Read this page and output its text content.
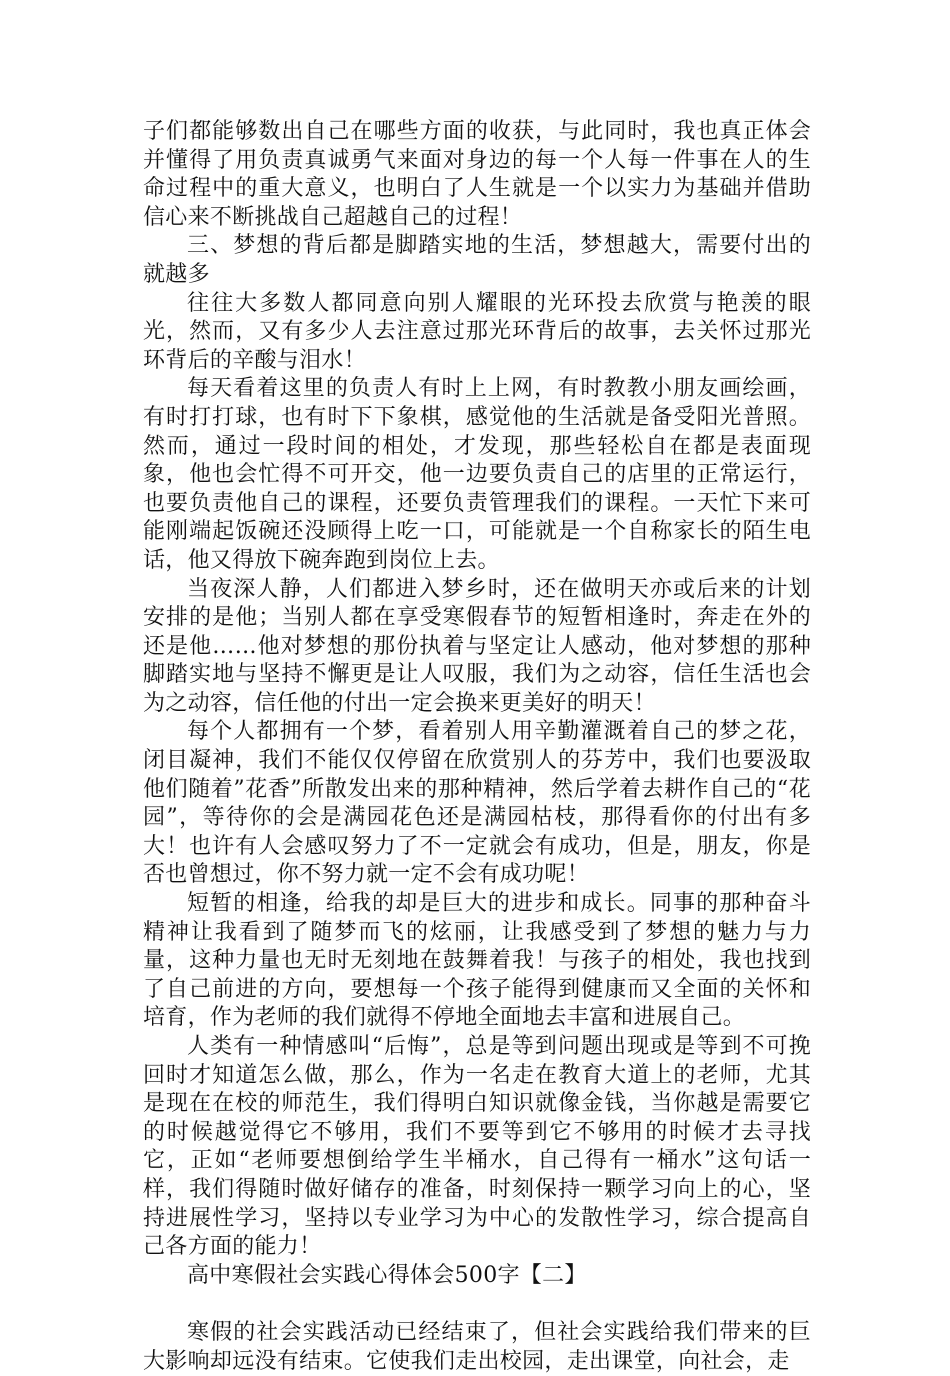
子们都能够数出自己在哪些方面的收获，与此同时，我也真正体会并懂得了用负责真诚勇气来面对身边的每一个人每一件事在人的生命过程中的重大意义，也明白了人生就是一个以实力为基础并借助信心来不断挑战自己超越自己的过程！

三、梦想的背后都是脚踏实地的生活，梦想越大，需要付出的就越多

往往大多数人都同意向别人耀眼的光环投去欣赏与艳羡的眼光，然而，又有多少人去注意过那光环背后的故事，去关怀过那光环背后的辛酸与泪水！

每天看着这里的负责人有时上上网，有时教教小朋友画绘画，有时打打球，也有时下下象棋，感觉他的生活就是备受阳光普照。然而，通过一段时间的相处，才发现，那些轻松自在都是表面现象，他也会忙得不可开交，他一边要负责自己的店里的正常运行，也要负责他自己的课程，还要负责管理我们的课程。一天忙下来可能刚端起饭碗还没顾得上吃一口，可能就是一个自称家长的陌生电话，他又得放下碗奔跑到岗位上去。

当夜深人静，人们都进入梦乡时，还在做明天亦或后来的计划安排的是他；当别人都在享受寒假春节的短暂相逢时，奔走在外的还是他……他对梦想的那份执着与坚定让人感动，他对梦想的那种脚踏实地与坚持不懈更是让人叹服，我们为之动容，信任生活也会为之动容，信任他的付出一定会换来更美好的明天！

每个人都拥有一个梦，看着别人用辛勤灌溉着自己的梦之花，闭目凝神，我们不能仅仅停留在欣赏别人的芬芳中，我们也要汲取他们随着”花香”所散发出来的那种精神，然后学着去耕作自己的“花园”，等待你的会是满园花色还是满园枯枝，那得看你的付出有多大！也许有人会感叹努力了不一定就会有成功，但是，朋友，你是否也曾想过，你不努力就一定不会有成功呢！

短暂的相逢，给我的却是巨大的进步和成长。同事的那种奋斗精神让我看到了随梦而飞的炫丽，让我感受到了梦想的魅力与力量，这种力量也无时无刻地在鼓舞着我！与孩子的相处，我也找到了自己前进的方向，要想每一个孩子能得到健康而又全面的关怀和培育，作为老师的我们就得不停地全面地去丰富和进展自己。

人类有一种情感叫“后悔”，总是等到问题出现或是等到不可挽回时才知道怎么做，那么，作为一名走在教育大道上的老师，尤其是现在在校的师范生，我们得明白知识就像金钱，当你越是需要它的时候越觉得它不够用，我们不要等到它不够用的时候才去寻找它，正如“老师要想倒给学生半桶水，自己得有一桶水”这句话一样，我们得随时做好储存的准备，时刻保持一颗学习向上的心，坚持进展性学习，坚持以专业学习为中心的发散性学习，综合提高自己各方面的能力！

高中寒假社会实践心得体会500字【二】

寒假的社会实践活动已经结束了，但社会实践给我们带来的巨大影响却远没有结束。它使我们走出校园，走出课堂，向社会，走
